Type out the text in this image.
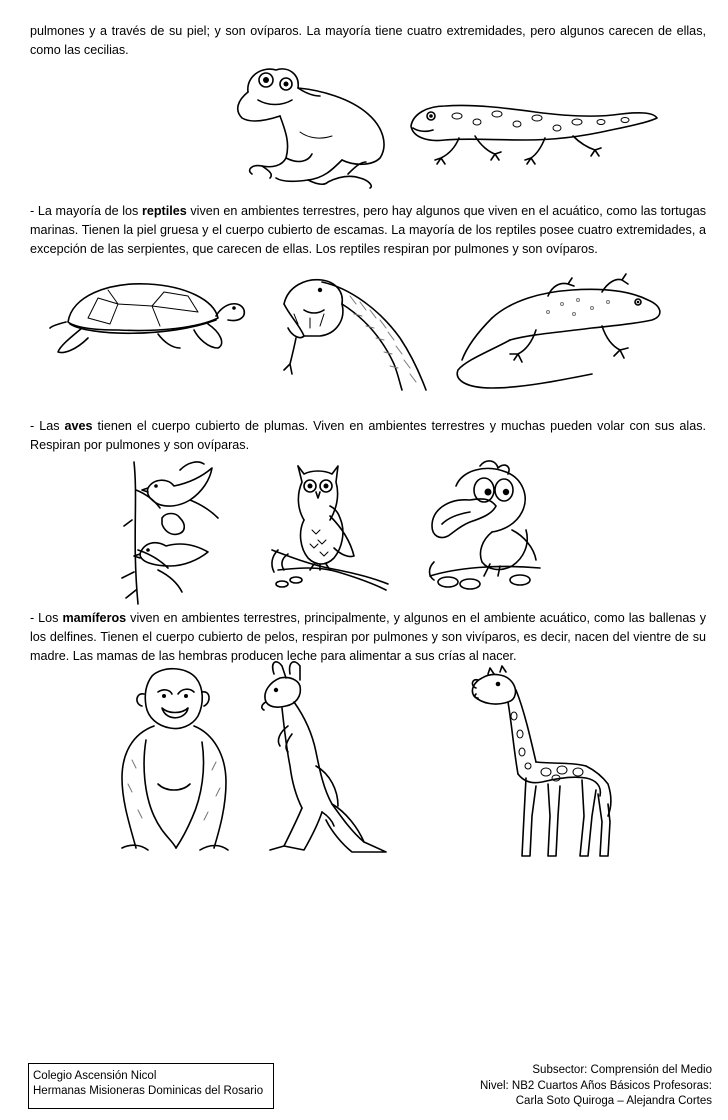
pulmones y a través de su piel; y son ovíparos. La mayoría tiene cuatro extremidades, pero algunos carecen de ellas, como las cecilias.

- La mayoría de los reptiles viven en ambientes terrestres, pero hay algunos que viven en el acuático, como las tortugas marinas. Tienen la piel gruesa y el cuerpo cubierto de escamas. La mayoría de los reptiles posee cuatro extremidades, a excepción de las serpientes, que carecen de ellas. Los reptiles respiran por pulmones y son ovíparos.

- Las aves tienen el cuerpo cubierto de plumas. Viven en ambientes terrestres y muchas pueden volar con sus alas. Respiran por pulmones y son ovíparas.

- Los mamíferos viven en ambientes terrestres, principalmente, y algunos en el ambiente acuático, como las ballenas y los delfines. Tienen el cuerpo cubierto de pelos, respiran por pulmones y son vivíparos, es decir, nacen del vientre de su madre. Las mamas de las hembras producen leche para alimentar a sus crías al nacer.

Colegio Ascensión Nicol
Hermanas Misioneras Dominicas del Rosario
Subsector: Comprensión del Medio
Nivel: NB2 Cuartos Años Básicos Profesoras:
Carla Soto Quiroga – Alejandra Cortes
